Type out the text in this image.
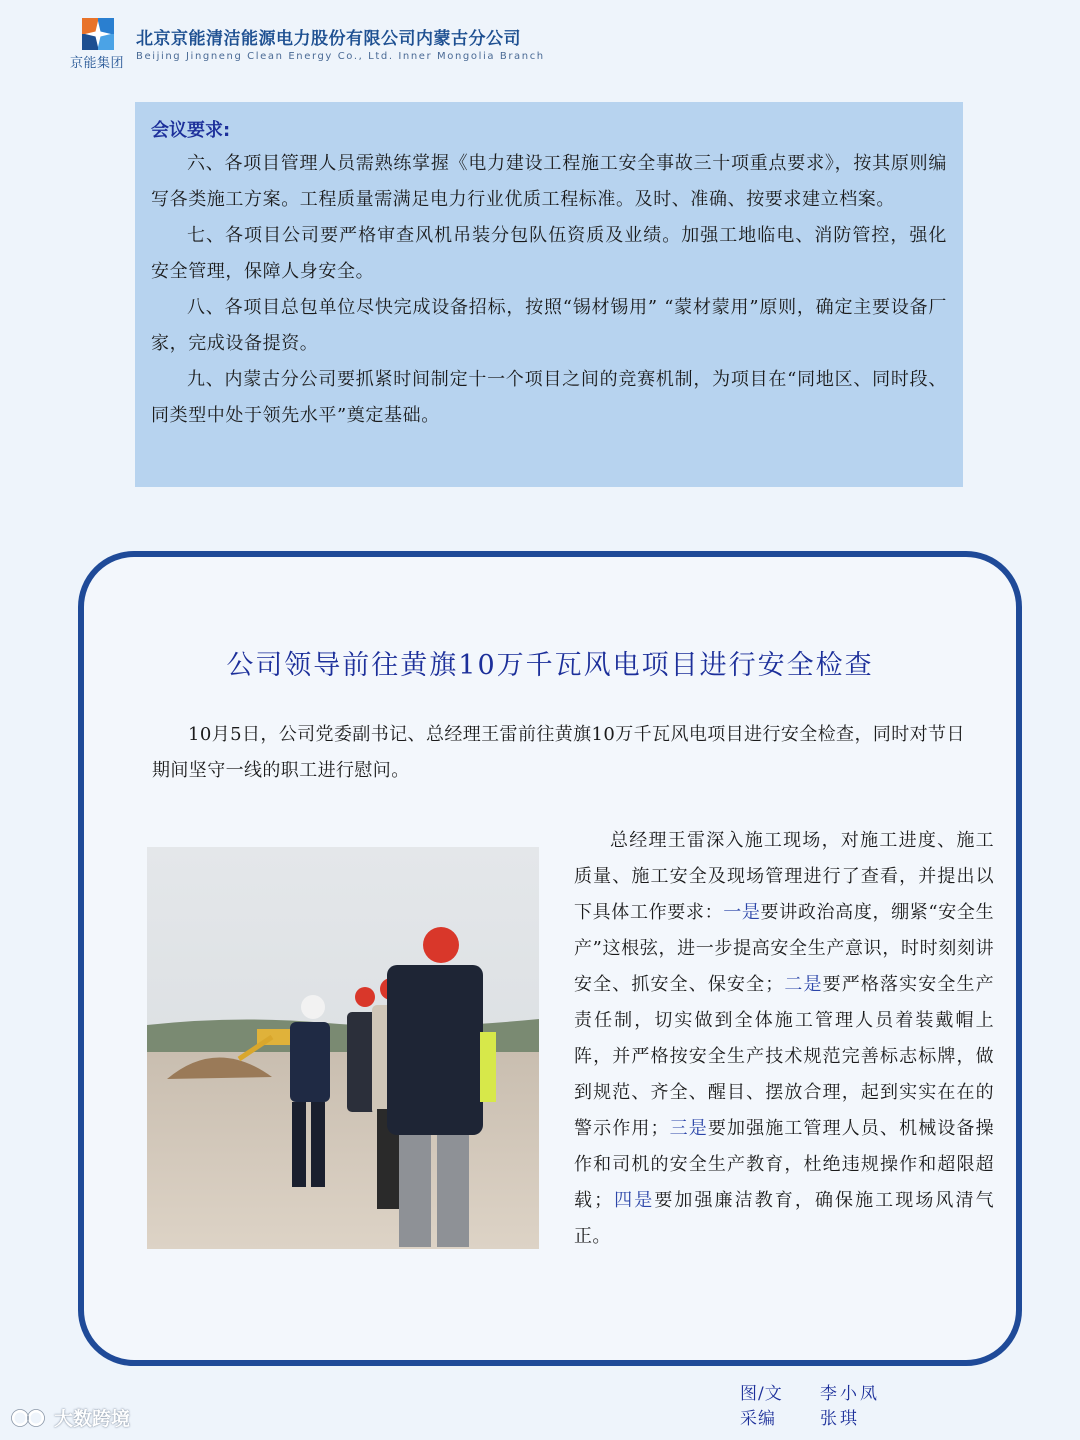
京能集团
北京京能清洁能源电力股份有限公司内蒙古分公司
Beijing Jingneng Clean Energy Co., Ltd. Inner Mongolia Branch
会议要求:

六、各项目管理人员需熟练掌握《电力建设工程施工安全事故三十项重点要求》，按其原则编写各类施工方案。工程质量需满足电力行业优质工程标准。及时、准确、按要求建立档案。

七、各项目公司要严格审查风机吊装分包队伍资质及业绩。加强工地临电、消防管控，强化安全管理，保障人身安全。

八、各项目总包单位尽快完成设备招标，按照“锡材锡用” “蒙材蒙用”原则，确定主要设备厂家，完成设备提资。

九、内蒙古分公司要抓紧时间制定十一个项目之间的竞赛机制，为项目在“同地区、同时段、同类型中处于领先水平”奠定基础。

公司领导前往黄旗10万千瓦风电项目进行安全检查

10月5日，公司党委副书记、总经理王雷前往黄旗10万千瓦风电项目进行安全检查，同时对节日期间坚守一线的职工进行慰问。

总经理王雷深入施工现场，对施工进度、施工质量、施工安全及现场管理进行了查看，并提出以下具体工作要求：一是要讲政治高度，绷紧“安全生产”这根弦，进一步提高安全生产意识，时时刻刻讲安全、抓安全、保安全；二是要严格落实安全生产责任制，切实做到全体施工管理人员着装戴帽上阵，并严格按安全生产技术规范完善标志标牌，做到规范、齐全、醒目、摆放合理，起到实实在在的警示作用；三是要加强施工管理人员、机械设备操作和司机的安全生产教育，杜绝违规操作和超限超载；四是要加强廉洁教育，确保施工现场风清气正。

图/文	李小凤
采编	张琪
大数跨境
